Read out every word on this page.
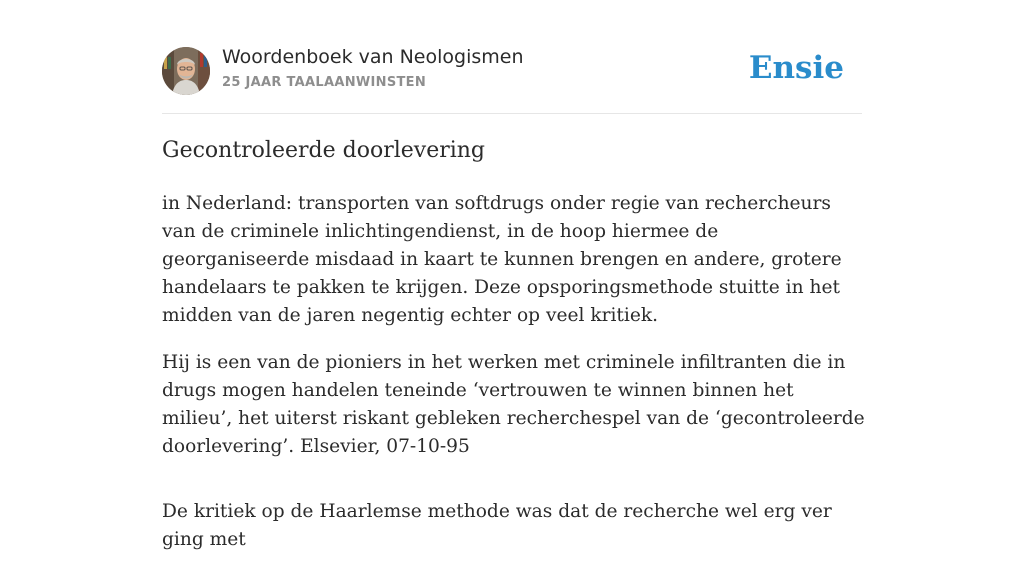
Woordenboek van Neologismen
25 JAAR TAALAANWINSTEN	Ensie
Gecontroleerde doorlevering

in Nederland: transporten van softdrugs onder regie van rechercheurs van de criminele inlichtingendienst, in de hoop hiermee de georganiseerde misdaad in kaart te kunnen brengen en andere, grotere handelaars te pakken te krijgen. Deze opsporingsmethode stuitte in het midden van de jaren negentig echter op veel kritiek.

Hij is een van de pioniers in het werken met criminele infiltranten die in drugs mogen handelen teneinde ‘vertrouwen te winnen binnen het milieu’, het uiterst riskant gebleken recherchespel van de ‘gecontroleerde doorlevering’. Elsevier, 07-10-95

De kritiek op de Haarlemse methode was dat de recherche wel erg ver ging met
